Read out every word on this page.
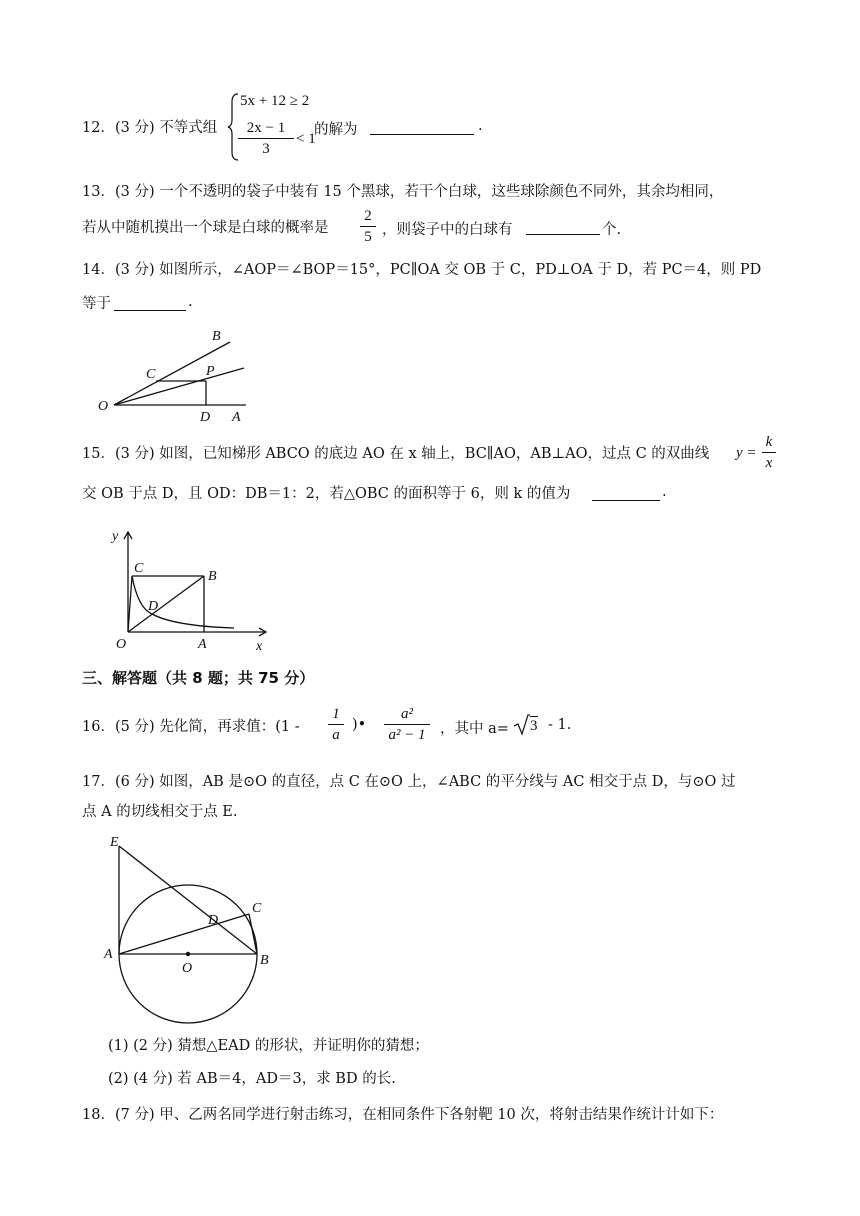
12．(3 分) 不等式组
5x + 12 ≥ 2
2x − 1
3
< 1
的解为	.
13．(3 分) 一个不透明的袋子中装有 15 个黑球，若干个白球，这些球除颜色不同外，其余均相同，
若从中随机摸出一个球是白球的概率是
2
5 ，则袋子中的白球有	个.
14．(3 分) 如图所示，∠AOP＝∠BOP＝15°，PC∥OA 交 OB 于 C，PD⊥OA 于 D，若 PC＝4，则 PD
等于	.
B
C	P
O
D A
15．(3 分) 如图，已知梯形 ABCO 的底边 AO 在 x 轴上，BC∥AO，AB⊥AO，过点 C 的双曲线 y =
k
x
交 OB 于点 D，且 OD：DB＝1：2，若△OBC 的面积等于 6，则 k 的值为	.
y
C
B
D
O	A	x
三、解答题（共 8 题；共 75 分）
16．(5 分) 先化简，再求值：(1 -
1
a
)•
a²
a² − 1 ，其中 a= 3 - 1.
17．(6 分) 如图，AB 是⊙O 的直径，点 C 在⊙O 上，∠ABC 的平分线与 AC 相交于点 D，与⊙O 过
点 A 的切线相交于点 E.
E
D
C
A
O
B
(1) (2 分) 猜想△EAD 的形状，并证明你的猜想；
(2) (4 分) 若 AB＝4，AD＝3，求 BD 的长.
18．(7 分) 甲、乙两名同学进行射击练习，在相同条件下各射靶 10 次，将射击结果作统计计如下：
